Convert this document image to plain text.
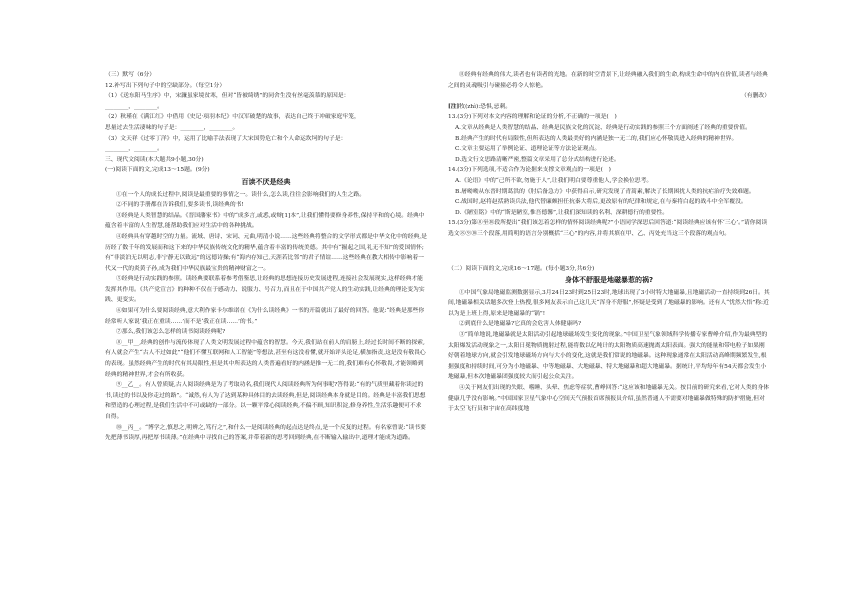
（三）默写（6分）

12.补写出下列句子中的空缺部分。（每空1分）

（1）《送东阳马生序》中，宋濂虽家境贫寒，但对“皆被绮绣”的同舍生没有丝毫羡慕的原因是：

________，________。

（2）秋瑾在《满江红》中借用《史记·项羽本纪》中汉军破楚的故事，表达自己终于冲破家庭牢笼，

思量过去生活凄味的句子是：________，________。

（3）文天祥《过零丁洋》中，运用了比喻手法表现了大宋国势危亡和个人命运坎坷的句子是：

________，________。

三、现代文阅读(本大题共9小题,30分)

(一)阅读下面的文,完成13～15题。(9分)

百读不厌是经典

①在一个人的成长过程中,阅读是最重要的事情之一。读什么,怎么读,往往会影响我们的人生之路。

②不同的手册都在告诉我们,要多读书,读经典的书!

③经典是人类智慧的结晶。《晋国藩家书》中的“成多言,或悉,或辩[1]本”,让我们懂得要修身养性,保持平和的心境。经典中蕴含着丰富的人生智慧,能帮助我们应对生活中的各种挑战。

④经典具有穿越时空的力量。流域、唐诗、宋词、元曲,明清小说……这些经典将整合的文学形式都是中华文化中的经典,是历经了数千年的发展而和这下来的中华民族传统文化的精华,蕴含着丰富的传统美德。其中有“掘起之国,礼无不知”的爱国情怀;有“非淡泊无以明志,非宁静无以致远”的远德诗操;有“海内存知己,天涯若比邻”的君子情谊……这些经典在教大相传中影响着一代又一代的炎黄子孙,成为我们中华民族最宝贵的精神财富之一。

⑤经典是行动实践的参照。读经典要联系着参考借鉴思,让经典的思想连接历史发展进程,连接社会发展现实,这样经典才能发挥其作用。《共产党宣言》的种种不仅在于感动力、说服力、号召力,而且在于中国共产党人的生动实践,让经典的理论变为实践、更变实。

⑥如果可为什么要阅读经典,意大利作家卡尔维诺在《为什么读经典》一书的开篇就出了最好的回答。他说:“经典是那些你经常听人家说‘我正在重读……’而不是‘我正在读……’的书。”

⑦那么,我们该怎么怎样的读书阅读经典呢?

⑧__甲__,经典的创作与流传体现了人类文明发展过程中蕴含的智慧。今天,我们站在前人的肩膀上,经过长时间不断的探索,有人就会产生“古人不过如此”“他们不懂互联网和人工智能”等想法,甚至有这没看懂,就开始评头论足,横加指责,这是没有敬畏心的表现。虽然经典产生的时代有其局限性,但是其中所表达的人类普遍看好的内涵是推一无二的,我们难有心怀敬畏,才能领略到经典的精神世界,才会有所收获。

⑨__乙__。有人曾质疑,古人阅读经典是为了考取功名,我们现代人阅读经典所为何事呢?答得说:“有的气质里藏着你读过的书,读过的书以及你走过的路”。“诚然,有人为了达到某种具体目的去读经典,但是,阅读经典本身就是目的。经典是丰富我们思想和塑造的心理过程,是我们生活中不可或缺的一部分。以一颗平常心阅读经典,不偏不顾,知识积淀,修身养性,生活乐趣便可不求自得。

⑩__丙__。“博学之,慎思之,明辨之,笃行之”,和什么一是阅读经典的起点达是终点,是一个反复的过程。有名家曾说:“读书要先把薄书读厚,再把厚书读薄。”在经典中寻找自己的答案,并带着新的思考回到经典,在不断输入输出中,道理才能成为道路。

⑪经典有经典的伟大,读者也有读者的光地。在新的时空背景下,让经典融入我们的生命,构成生命中的内在价值,读者与经典之间的灵魂吸引与碰撞必将令人惊艳。

（有删改）

[注]牧(zhì):恐惧,忌刺。

13.(3分)下列对本文内容的理解和论证的分析,不正确的一项是(　)

A.文章从经典是人类智慧的结晶、经典是民族文化的沉淀、经典是行动实践的参照三个方面阐述了经典的重要价值。

B.经典产生的时代有局限性,但所表达的人类最美好的内涵是独一无二的,我们应心怀敬畏进入经典的精神世界。

C.文章主要运用了举例论证、道理论证等方法论证观点。

D.选文行文思路清晰严密,整篇文章采用了总分式结构进行论述。

14.(3分)下列选项,不适合作为论据来支撑文章观点的一项是(　)

A.《论语》中的“己所不欲,勿施于人”,让我们明白要尊重他人,学会换位思考。

B.屠呦呦从东晋时期葛洪的《肘后备急方》中获得启示,研究发现了青蒿素,解决了长期困扰人类的抗疟治疗失效难题。

C.战国时,赵将赵括熟读兵法,他代替廉颇担任抗秦大将后,更改原有的纪律和规定,在与秦将白起的战斗中全军覆没。

D.《陋室铭》中的“斯是陋室,惟吾德馨”,让我们深知读的名利、深耕德行的重要性。

15.(3分)第⑧至⑩段所提出“我们该怎着怎样的情怀阅读经典呢?”小语同学深思后回答道:“阅读经典应该有怀‘三心’。”请你阅读选文⑧⑨⑩三个段落,用简明的语言分别概括“三心”的内容,并将其填在甲、乙、丙处充当这三个段落的观点句。

（二）阅读下面的文,完成16～17题。(每小题3分,共6分)

身体不舒服是地磁暴惹的祸?

①中国气象局地磁监测数据显示,3月24日23时到25日23时,地球出现了3小时特大地磁暴,且地磁活动一直持续到26日。其间,地磁暴相关话题多次登上热搜,很多网友表示自己这几天“浑身不舒服”,怀疑是受到了地磁暴的影响。还有人“忧然大悟”称:近以为是上班上得,原来是地磁暴的“锅”!

②到底什么是地磁暴?它真的会危害人体健康吗?

③“简单地说,地磁暴就是太阳活动引起地球磁场发生变化的现象。”中国卫星气象领域科学传播专家曹峥介绍,作为最典型的太阳爆发活动现象之一,太阳日冕物质抛射过程,能将数以亿吨计的太阳物质高速抛离太阳表面。强大的能量和带电粒子如果刚好朝着地球方向,就会引发地球磁场方向与大小的变化,这就是我们常说的地磁暴。这种现象通常在太阳活动高峰期频繁发生,根据强度和持续时间,可分为小地磁暴、中等地磁暴、大地磁暴、特大地磁暴和超大地磁暴。据统计,平均每年有54天都会发生小地磁暴,但本次地磁暴团强度较大而引起公众关注。

④关于网友们出现的失眠、嗜睡、头晕、焦虑等症状,曹峥回答:“这应该和地磁暴无关。按目前的研究来看,它对人类的身体健康几乎没有影响。”中国国家卫星气象中心空间天气预报首席预报员介绍,虽然普通人不需要对地磁暴做特殊的防护措施,但对于太空飞行员和宇宙在高纬度地
